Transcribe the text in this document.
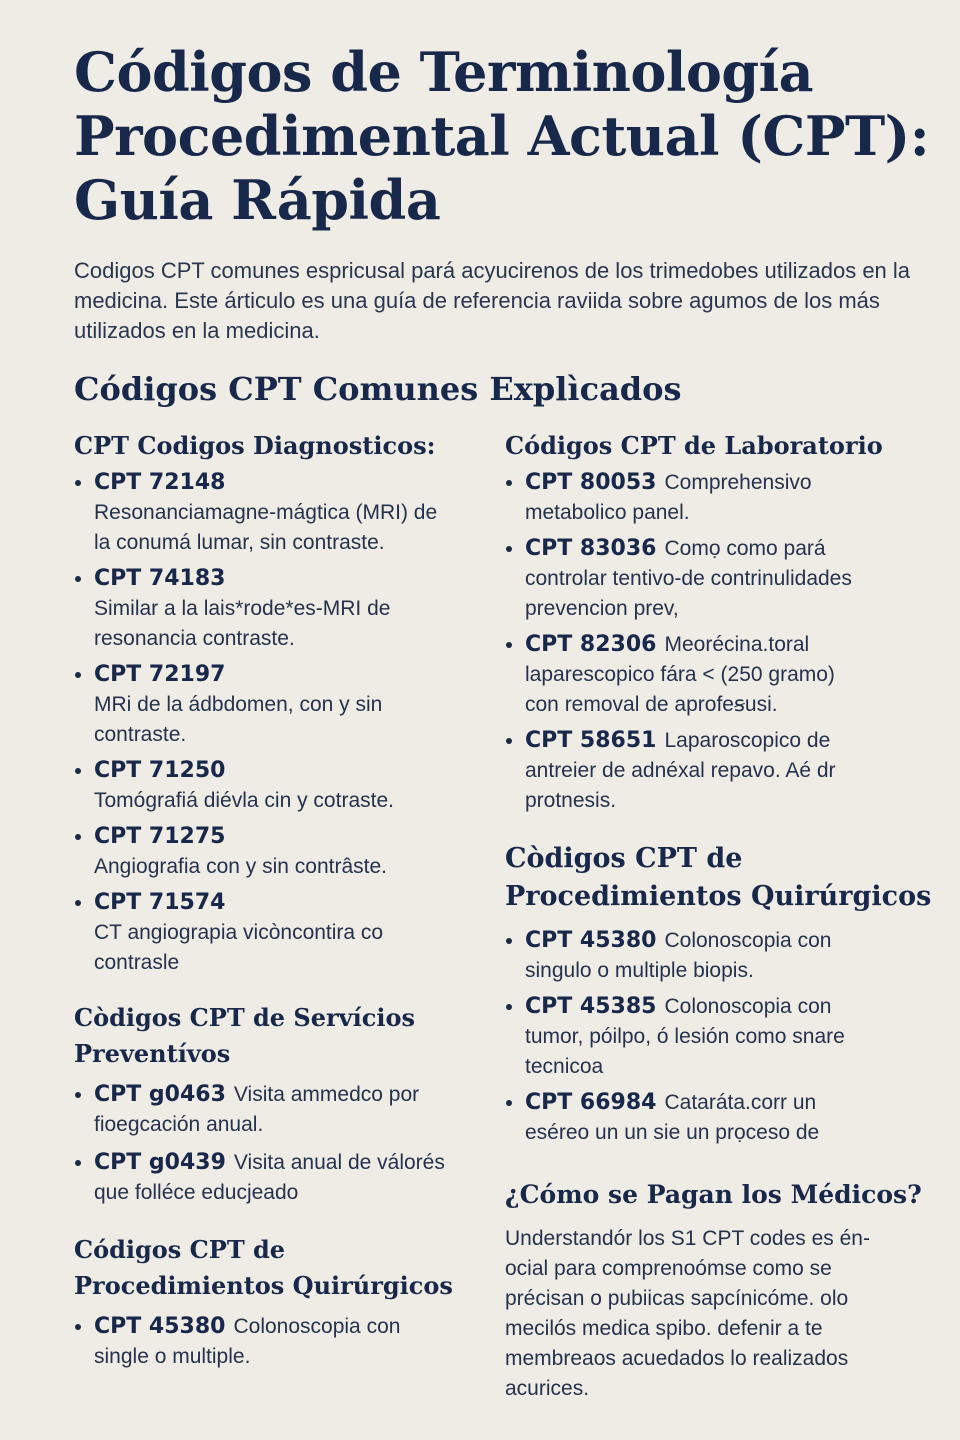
Códigos de Terminología Procedimental Actual (CPT): Guía Rápida

Codigos CPT comunes espricusal pará acyucirenos de los trimedobes utilizados en la medicina. Este árticulo es una guía de referencia raviida sobre agumos de los más utilizados en la medicina.

Códigos CPT Comunes Explìcados
CPT Codigos Diagnosticos:
CPT 72148
Resonanciamagne-mágtica (MRI) de la conumá lumar, sin contraste.
CPT 74183
Similar a la lais*rode*es-MRI de resonancia contraste.
CPT 72197
MRi de la ádbdomen, con y sin contraste.
CPT 71250
Tomógrafiá diévla cin y cotraste.
CPT 71275
Angiografia con y sin contrâste.
CPT 71574
CT angiograpia vicòncontira co contrasle
Còdigos CPT de Servícios Preventívos
CPT g0463 Visita ammedco por fioegcación anual.
CPT g0439 Visita anual de válorés que folléce educjeado
Códigos CPT de Procedimientos Quirúrgicos
CPT 45380 Colonoscopia con single o multiple.
Códigos CPT de Laboratorio
CPT 80053 Comprehensivo metabolico panel.
CPT 83036 Comọ como pará controlar tentivo-de contrinulidades prevencion prev,
CPT 82306 Meorécina.toral laparescopico fára < (250 gramo) con removal de aprofeꞩusi.
CPT 58651 Laparoscopico de antreier de adnéxal repavo. Aé dr protnesis.
Còdigos CPT de Procedimientos Quirúrgicos
CPT 45380 Colonoscopia con singulo o multiple biopis.
CPT 45385 Colonoscopia con tumor, póilpo, ó lesión como snare tecnicoa
CPT 66984 Cataráta.corr un eséreo un un sie un prọceso de
¿Cómo se Pagan los Médicos?

Understandór los S1 CPT codes es én-ocial para comprenoómse como se précisan o pubiicas sapcínicóme. olo mecilós medica spibo. defenir a te membreaos acuedados lo realizados acurices.
